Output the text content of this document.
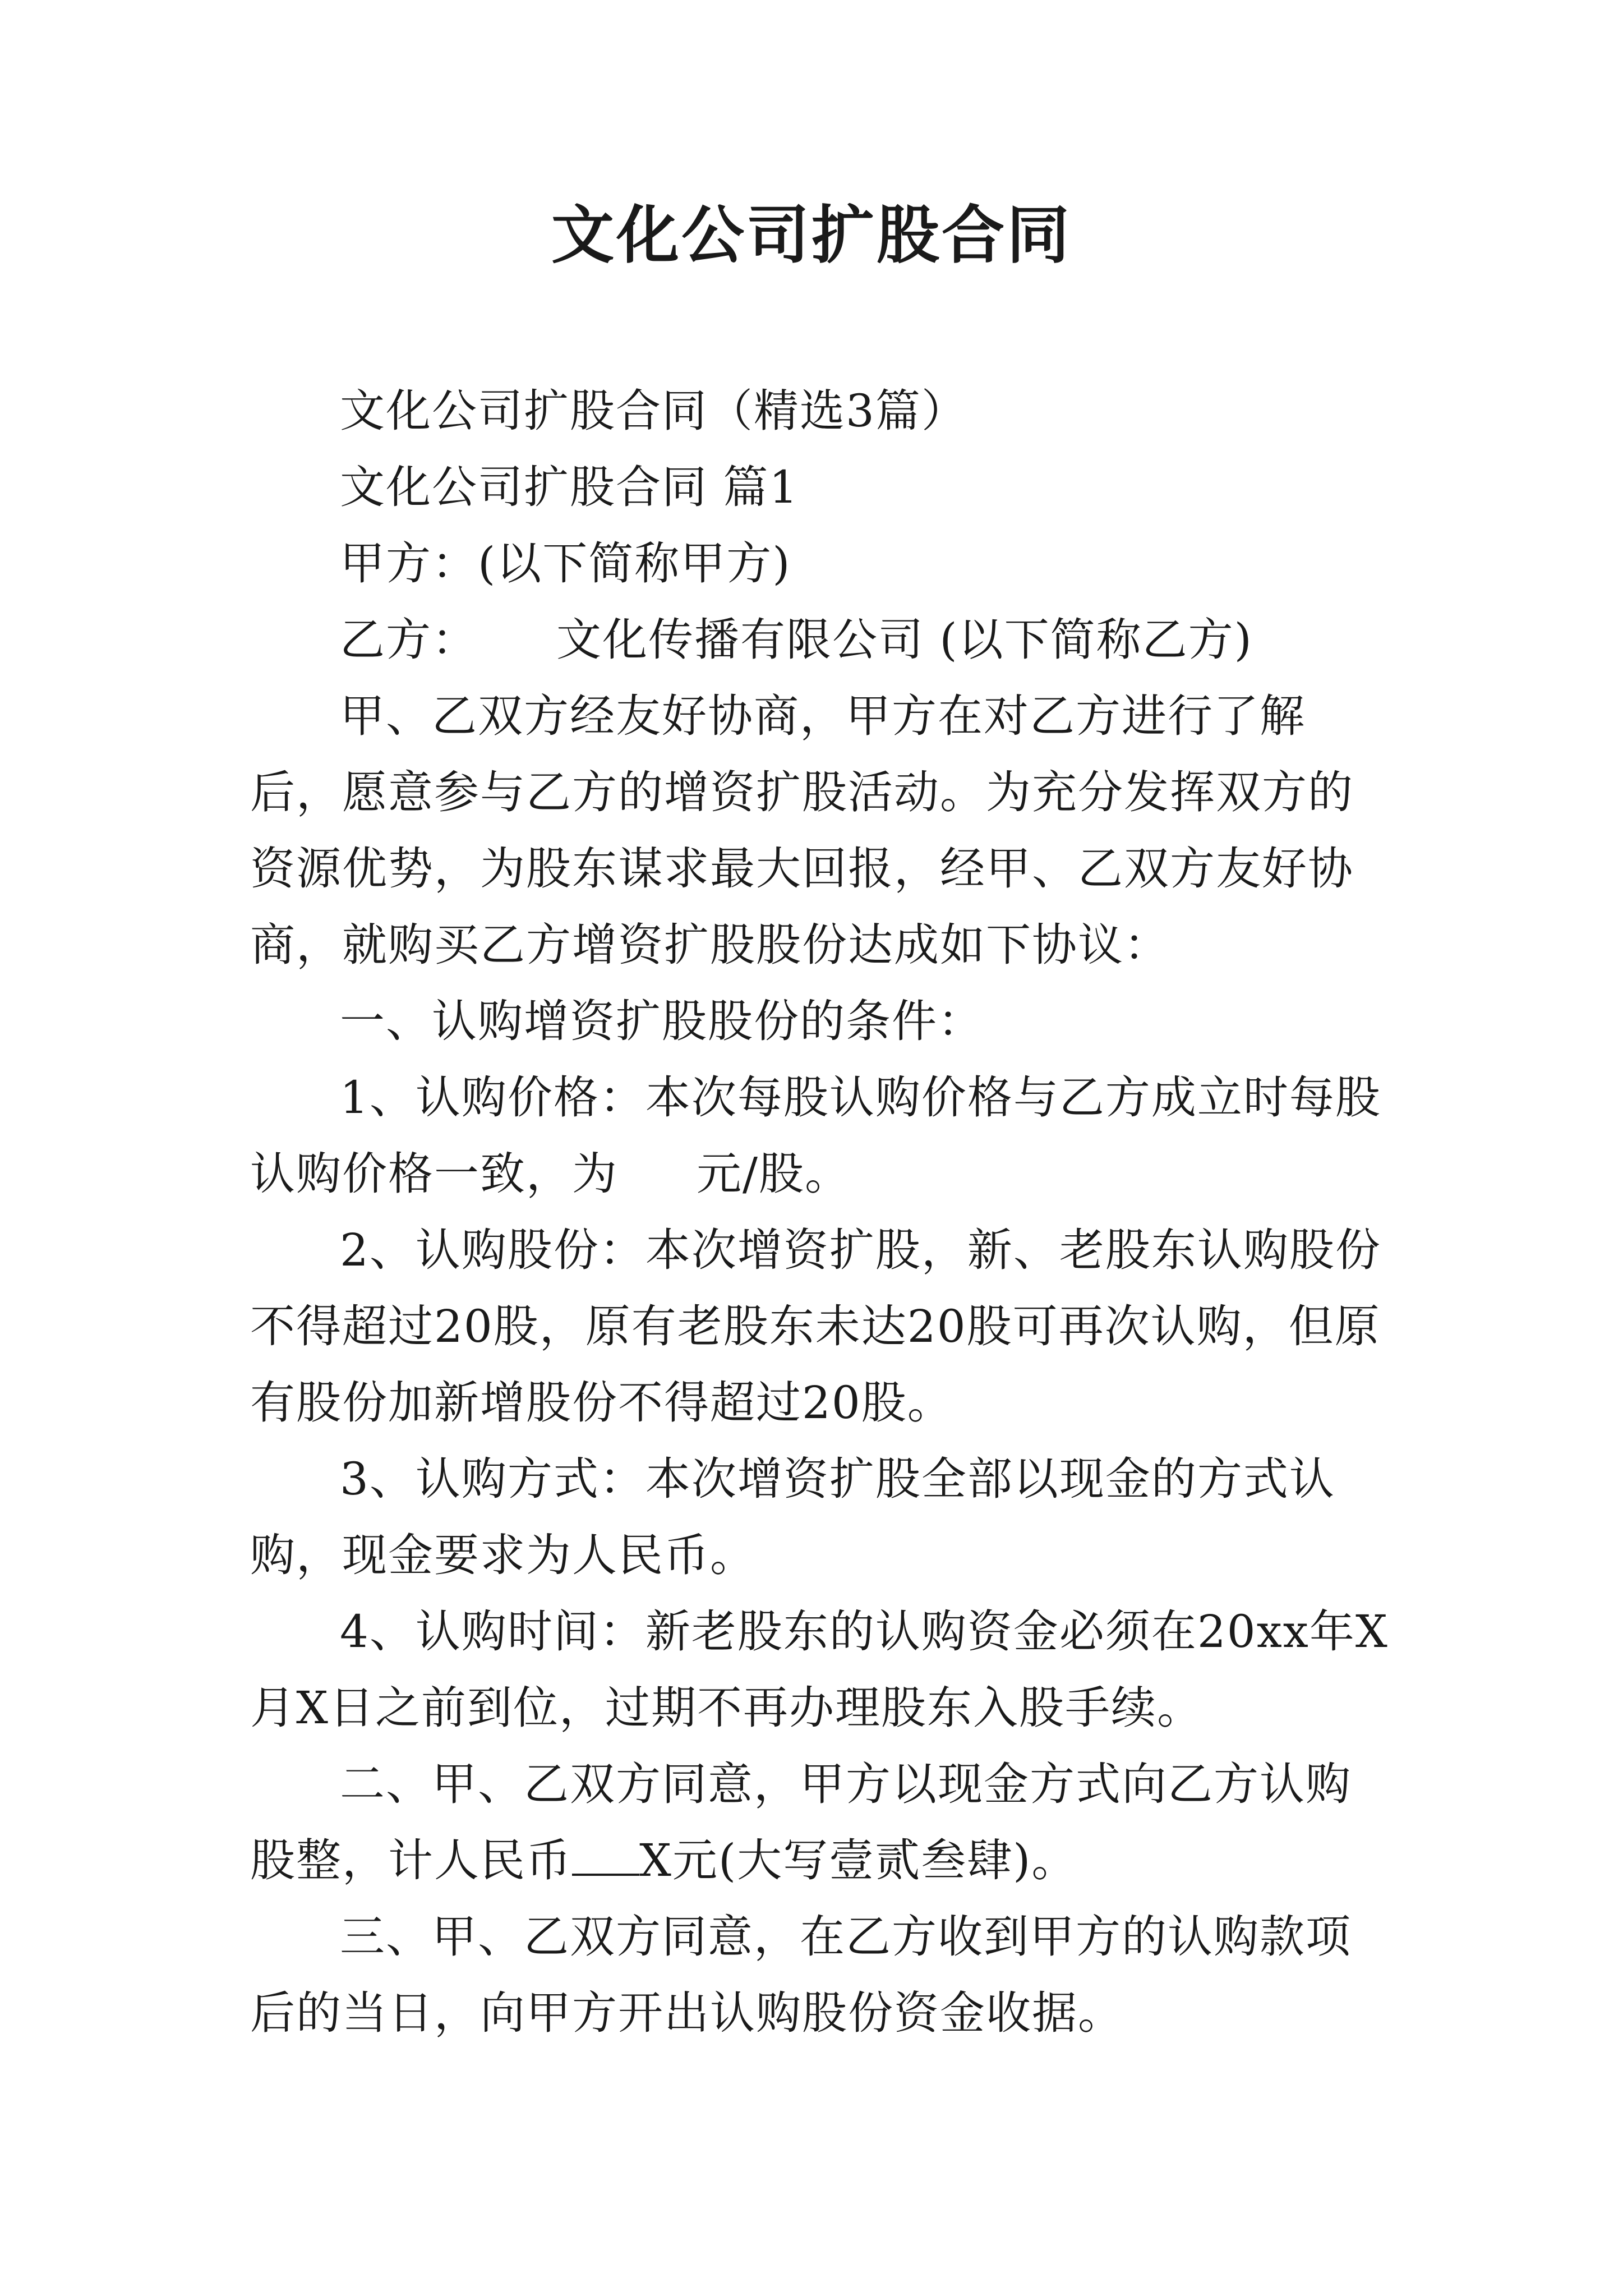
文化公司扩股合同

文化公司扩股合同（精选3篇）

文化公司扩股合同 篇1

甲方：(以下简称甲方)

乙方： 文化传播有限公司 (以下简称乙方)

甲、乙双方经友好协商，甲方在对乙方进行了解后，愿意参与乙方的增资扩股活动。为充分发挥双方的资源优势，为股东谋求最大回报，经甲、乙双方友好协商，就购买乙方增资扩股股份达成如下协议：

一、认购增资扩股股份的条件：

1、认购价格：本次每股认购价格与乙方成立时每股认购价格一致，为 元/股。

2、认购股份：本次增资扩股，新、老股东认购股份不得超过20股，原有老股东未达20股可再次认购，但原有股份加新增股份不得超过20股。

3、认购方式：本次增资扩股全部以现金的方式认购，现金要求为人民币。

4、认购时间：新老股东的认购资金必须在20xx年X月X日之前到位，过期不再办理股东入股手续。

二、甲、乙双方同意，甲方以现金方式向乙方认购股整，计人民币 X元(大写壹贰叁肆)。

三、甲、乙双方同意，在乙方收到甲方的认购款项后的当日，向甲方开出认购股份资金收据。
